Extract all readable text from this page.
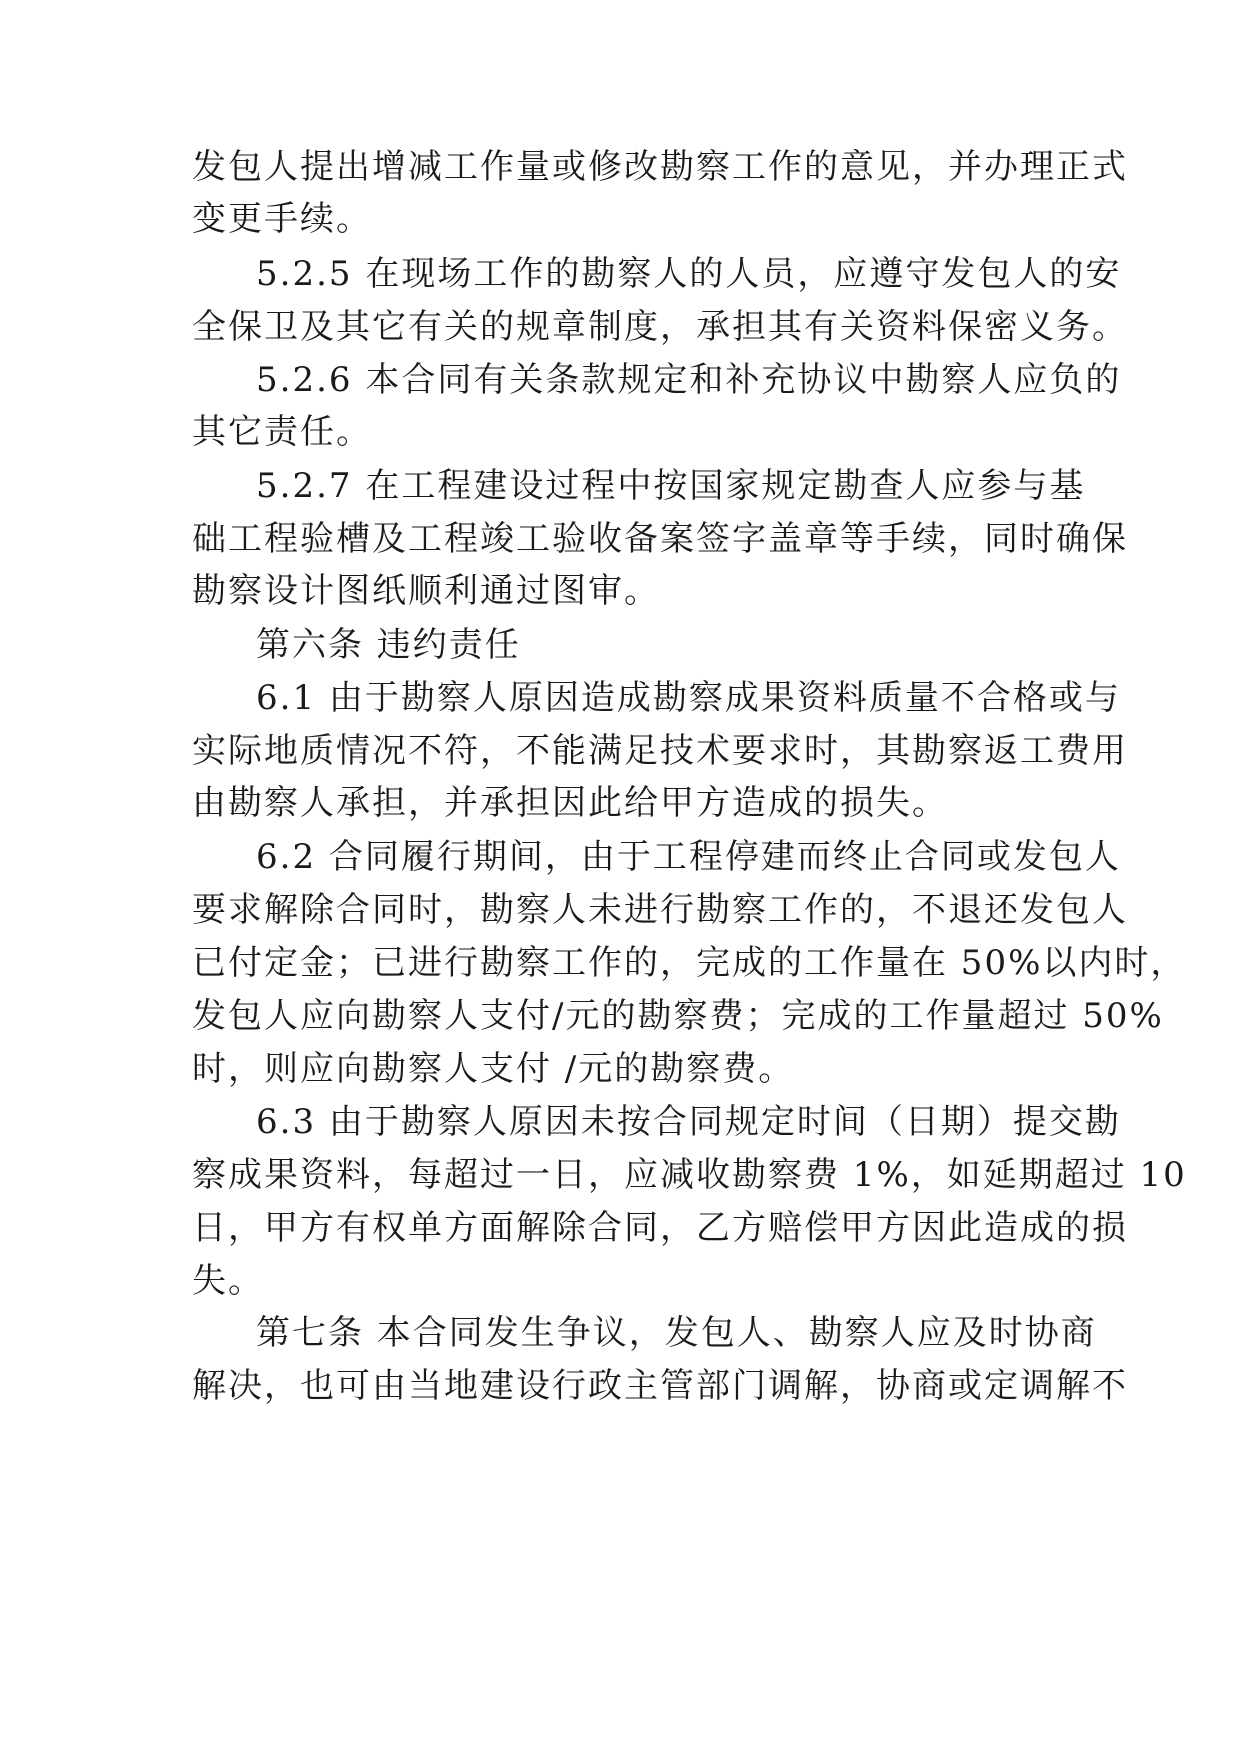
发包人提出增减工作量或修改勘察工作的意见，并办理正式

变更手续。

5.2.5 在现场工作的勘察人的人员，应遵守发包人的安

全保卫及其它有关的规章制度，承担其有关资料保密义务。

5.2.6 本合同有关条款规定和补充协议中勘察人应负的

其它责任。

5.2.7 在工程建设过程中按国家规定勘查人应参与基

础工程验槽及工程竣工验收备案签字盖章等手续，同时确保

勘察设计图纸顺利通过图审。

第六条 违约责任

6.1 由于勘察人原因造成勘察成果资料质量不合格或与

实际地质情况不符，不能满足技术要求时，其勘察返工费用

由勘察人承担，并承担因此给甲方造成的损失。

6.2 合同履行期间，由于工程停建而终止合同或发包人

要求解除合同时，勘察人未进行勘察工作的，不退还发包人

已付定金；已进行勘察工作的，完成的工作量在 50%以内时，

发包人应向勘察人支付/元的勘察费；完成的工作量超过 50%

时，则应向勘察人支付 /元的勘察费。

6.3 由于勘察人原因未按合同规定时间（日期）提交勘

察成果资料，每超过一日，应减收勘察费 1%，如延期超过 10

日，甲方有权单方面解除合同，乙方赔偿甲方因此造成的损

失。

第七条 本合同发生争议，发包人、勘察人应及时协商

解决，也可由当地建设行政主管部门调解，协商或定调解不
